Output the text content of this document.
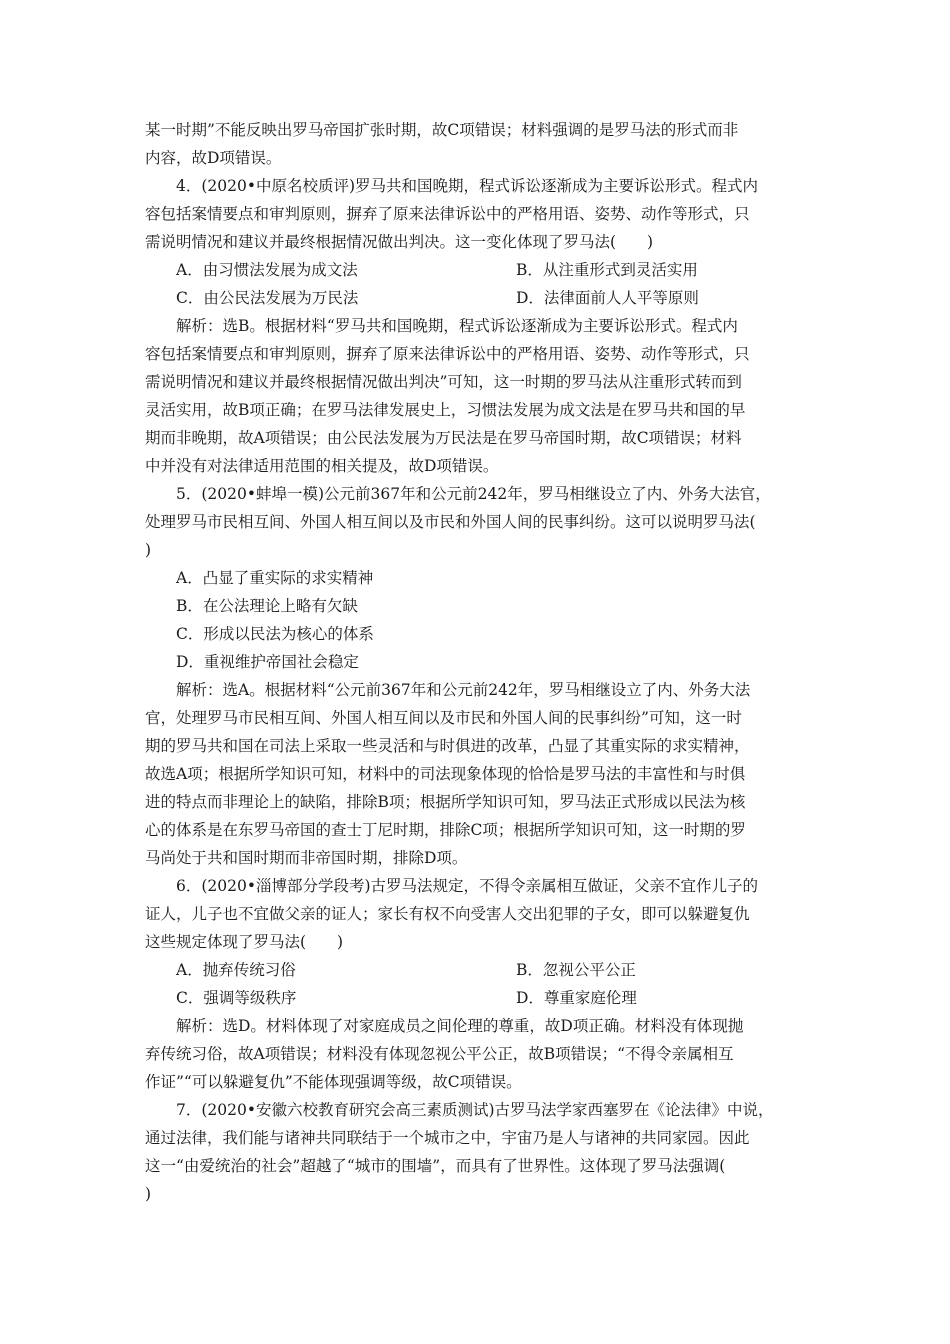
某一时期”不能反映出罗马帝国扩张时期，故C项错误；材料强调的是罗马法的形式而非
内容，故D项错误。
4．(2020•中原名校质评)罗马共和国晚期，程式诉讼逐渐成为主要诉讼形式。程式内
容包括案情要点和审判原则，摒弃了原来法律诉讼中的严格用语、姿势、动作等形式，只
需说明情况和建议并最终根据情况做出判决。这一变化体现了罗马法(　　)
A．由习惯法发展为成文法	B．从注重形式到灵活实用
C．由公民法发展为万民法	D．法律面前人人平等原则
解析：选B。根据材料“罗马共和国晚期，程式诉讼逐渐成为主要诉讼形式。程式内
容包括案情要点和审判原则，摒弃了原来法律诉讼中的严格用语、姿势、动作等形式，只
需说明情况和建议并最终根据情况做出判决”可知，这一时期的罗马法从注重形式转而到
灵活实用，故B项正确；在罗马法律发展史上，习惯法发展为成文法是在罗马共和国的早
期而非晚期，故A项错误；由公民法发展为万民法是在罗马帝国时期，故C项错误；材料
中并没有对法律适用范围的相关提及，故D项错误。
5．(2020•蚌埠一模)公元前367年和公元前242年，罗马相继设立了内、外务大法官，
处理罗马市民相互间、外国人相互间以及市民和外国人间的民事纠纷。这可以说明罗马法(
)
A．凸显了重实际的求实精神
B．在公法理论上略有欠缺
C．形成以民法为核心的体系
D．重视维护帝国社会稳定
解析：选A。根据材料“公元前367年和公元前242年，罗马相继设立了内、外务大法
官，处理罗马市民相互间、外国人相互间以及市民和外国人间的民事纠纷”可知，这一时
期的罗马共和国在司法上采取一些灵活和与时俱进的改革，凸显了其重实际的求实精神，
故选A项；根据所学知识可知，材料中的司法现象体现的恰恰是罗马法的丰富性和与时俱
进的特点而非理论上的缺陷，排除B项；根据所学知识可知，罗马法正式形成以民法为核
心的体系是在东罗马帝国的查士丁尼时期，排除C项；根据所学知识可知，这一时期的罗
马尚处于共和国时期而非帝国时期，排除D项。
6．(2020•淄博部分学段考)古罗马法规定，不得令亲属相互做证，父亲不宜作儿子的
证人，儿子也不宜做父亲的证人；家长有权不向受害人交出犯罪的子女，即可以躲避复仇
这些规定体现了罗马法(　　)
A．抛弃传统习俗	B．忽视公平公正
C．强调等级秩序	D．尊重家庭伦理
解析：选D。材料体现了对家庭成员之间伦理的尊重，故D项正确。材料没有体现抛
弃传统习俗，故A项错误；材料没有体现忽视公平公正，故B项错误；“不得令亲属相互
作证”“可以躲避复仇”不能体现强调等级，故C项错误。
7．(2020•安徽六校教育研究会高三素质测试)古罗马法学家西塞罗在《论法律》中说，
通过法律，我们能与诸神共同联结于一个城市之中，宇宙乃是人与诸神的共同家园。因此
这一“由爱统治的社会”超越了“城市的围墙”，而具有了世界性。这体现了罗马法强调(
)
